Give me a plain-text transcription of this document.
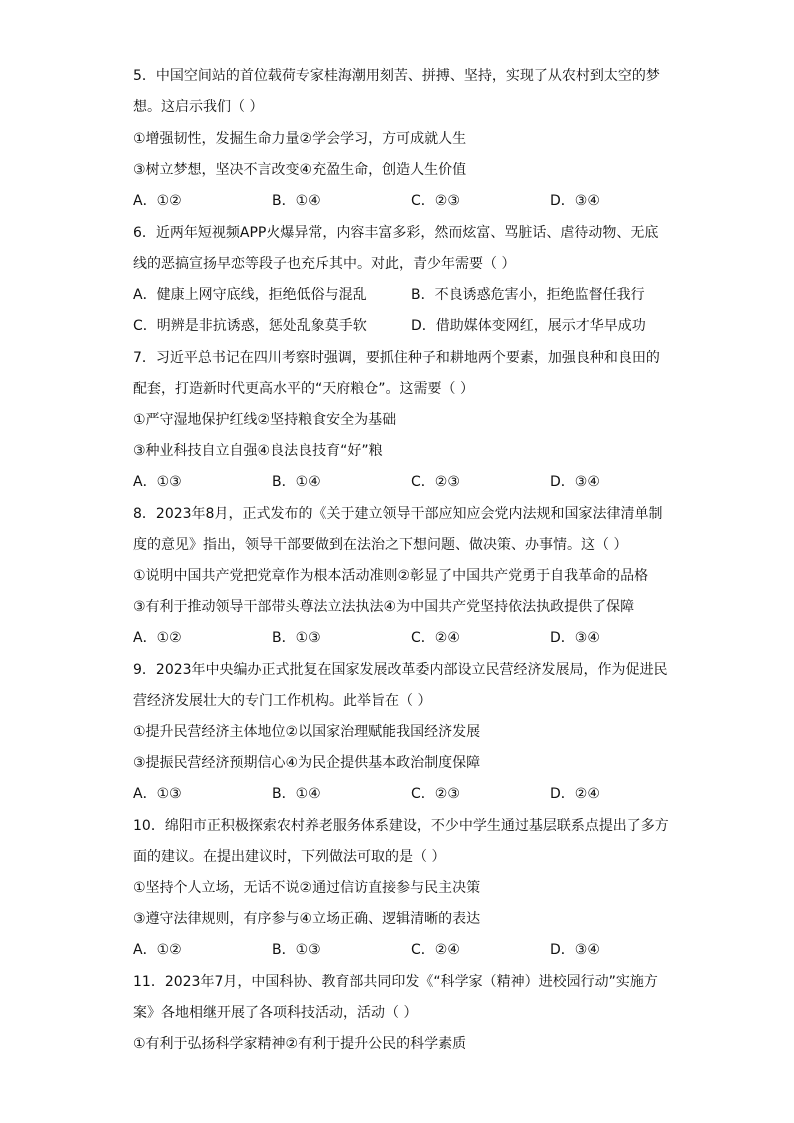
5．中国空间站的首位载荷专家桂海潮用刻苦、拼搏、坚持，实现了从农村到太空的梦
想。这启示我们（ ）
①增强韧性，发掘生命力量②学会学习，方可成就人生
③树立梦想，坚决不言改变④充盈生命，创造人生价值
A．①②	B．①④	C．②③	D．③④
6．近两年短视频APP火爆异常，内容丰富多彩，然而炫富、骂脏话、虐待动物、无底
线的恶搞宣扬早恋等段子也充斥其中。对此，青少年需要（ ）
A．健康上网守底线，拒绝低俗与混乱	B．不良诱惑危害小，拒绝监督任我行
C．明辨是非抗诱惑，惩处乱象莫手软	D．借助媒体变网红，展示才华早成功
7．习近平总书记在四川考察时强调，要抓住种子和耕地两个要素，加强良种和良田的
配套，打造新时代更高水平的“天府粮仓”。这需要（ ）
①严守湿地保护红线②坚持粮食安全为基础
③种业科技自立自强④良法良技育“好”粮
A．①③	B．①④	C．②③	D．③④
8．2023年8月，正式发布的《关于建立领导干部应知应会党内法规和国家法律清单制
度的意见》指出，领导干部要做到在法治之下想问题、做决策、办事情。这（ ）
①说明中国共产党把党章作为根本活动准则②彰显了中国共产党勇于自我革命的品格
③有利于推动领导干部带头尊法立法执法④为中国共产党坚持依法执政提供了保障
A．①②	B．①③	C．②④	D．③④
9．2023年中央编办正式批复在国家发展改革委内部设立民营经济发展局，作为促进民
营经济发展壮大的专门工作机构。此举旨在（ ）
①提升民营经济主体地位②以国家治理赋能我国经济发展
③提振民营经济预期信心④为民企提供基本政治制度保障
A．①③	B．①④	C．②③	D．②④
10．绵阳市正积极探索农村养老服务体系建设，不少中学生通过基层联系点提出了多方
面的建议。在提出建议时，下列做法可取的是（ ）
①坚持个人立场，无话不说②通过信访直接参与民主决策
③遵守法律规则，有序参与④立场正确、逻辑清晰的表达
A．①②	B．①③	C．②④	D．③④
11．2023年7月，中国科协、教育部共同印发《“科学家（精神）进校园行动”实施方
案》各地相继开展了各项科技活动，活动（ ）
①有利于弘扬科学家精神②有利于提升公民的科学素质
